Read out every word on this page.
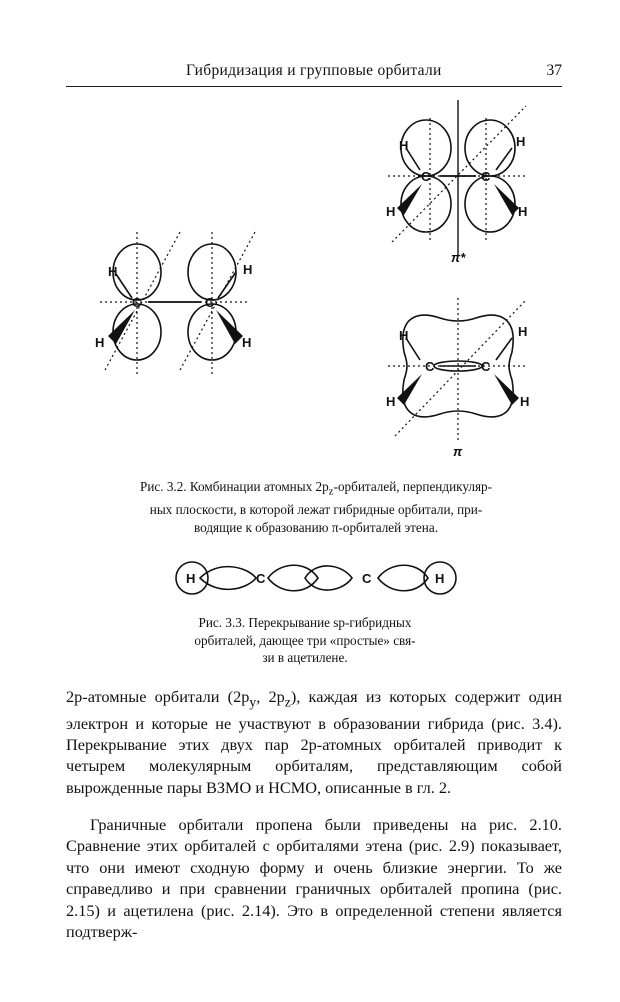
Гибридизация и групповые орбитали	37
H
H
H
H
C	C
H
H
H
H
C	C
π*
H
H
H
H
C	C
π
H	C	C	H
Рис. 3.2. Комбинации атомных $2p_z$-орбиталей, перпендикуляр-
ных плоскости, в которой лежат гибридные орбитали, при-
водящие к образованию π-орбиталей этена.
Рис. 3.3. Перекрывание sp-гибридных
орбиталей, дающее три «простые» свя-
зи в ацетилене.
2p-атомные орбитали ($2p_y$, $2p_z$), каждая из которых содержит один электрон и которые не участвуют в образовании гибрида (рис. 3.4). Перекрывание этих двух пар 2p-атомных орбиталей приводит к четырем молекулярным орбиталям, представляющим собой вырожденные пары ВЗМО и НСМО, описанные в гл. 2.
Граничные орбитали пропена были приведены на рис. 2.10. Сравнение этих орбиталей с орбиталями этена (рис. 2.9) показывает, что они имеют сходную форму и очень близкие энергии. То же справедливо и при сравнении граничных орбиталей пропина (рис. 2.15) и ацетилена (рис. 2.14). Это в определенной степени является подтверж-
